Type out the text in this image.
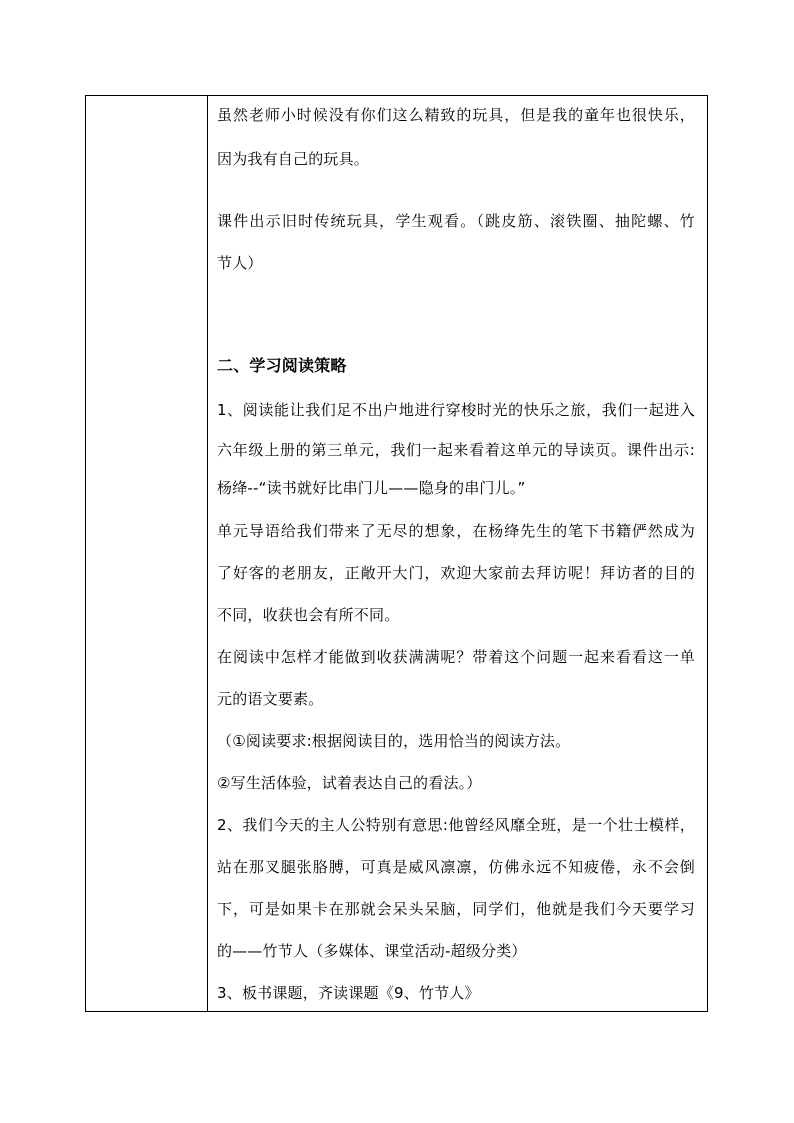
虽然老师小时候没有你们这么精致的玩具，但是我的童年也很快乐，
因为我有自己的玩具。
课件出示旧时传统玩具，学生观看。（跳皮筋、滚铁圈、抽陀螺、竹
节人）
二、学习阅读策略
1、阅读能让我们足不出户地进行穿梭时光的快乐之旅，我们一起进入
六年级上册的第三单元，我们一起来看着这单元的导读页。课件出示:
杨绛--“读书就好比串门儿——隐身的串门儿。”
单元导语给我们带来了无尽的想象，在杨绛先生的笔下书籍俨然成为
了好客的老朋友，正敞开大门，欢迎大家前去拜访呢！拜访者的目的
不同，收获也会有所不同。
在阅读中怎样才能做到收获满满呢？带着这个问题一起来看看这一单
元的语文要素。
（①阅读要求:根据阅读目的，选用恰当的阅读方法。
②写生活体验，试着表达自己的看法。）
2、我们今天的主人公特别有意思:他曾经风靡全班，是一个壮士模样，
站在那叉腿张胳膊，可真是威风凛凛，仿佛永远不知疲倦，永不会倒
下，可是如果卡在那就会呆头呆脑，同学们，他就是我们今天要学习
的——竹节人（多媒体、课堂活动-超级分类）
3、板书课题，齐读课题《9、竹节人》
